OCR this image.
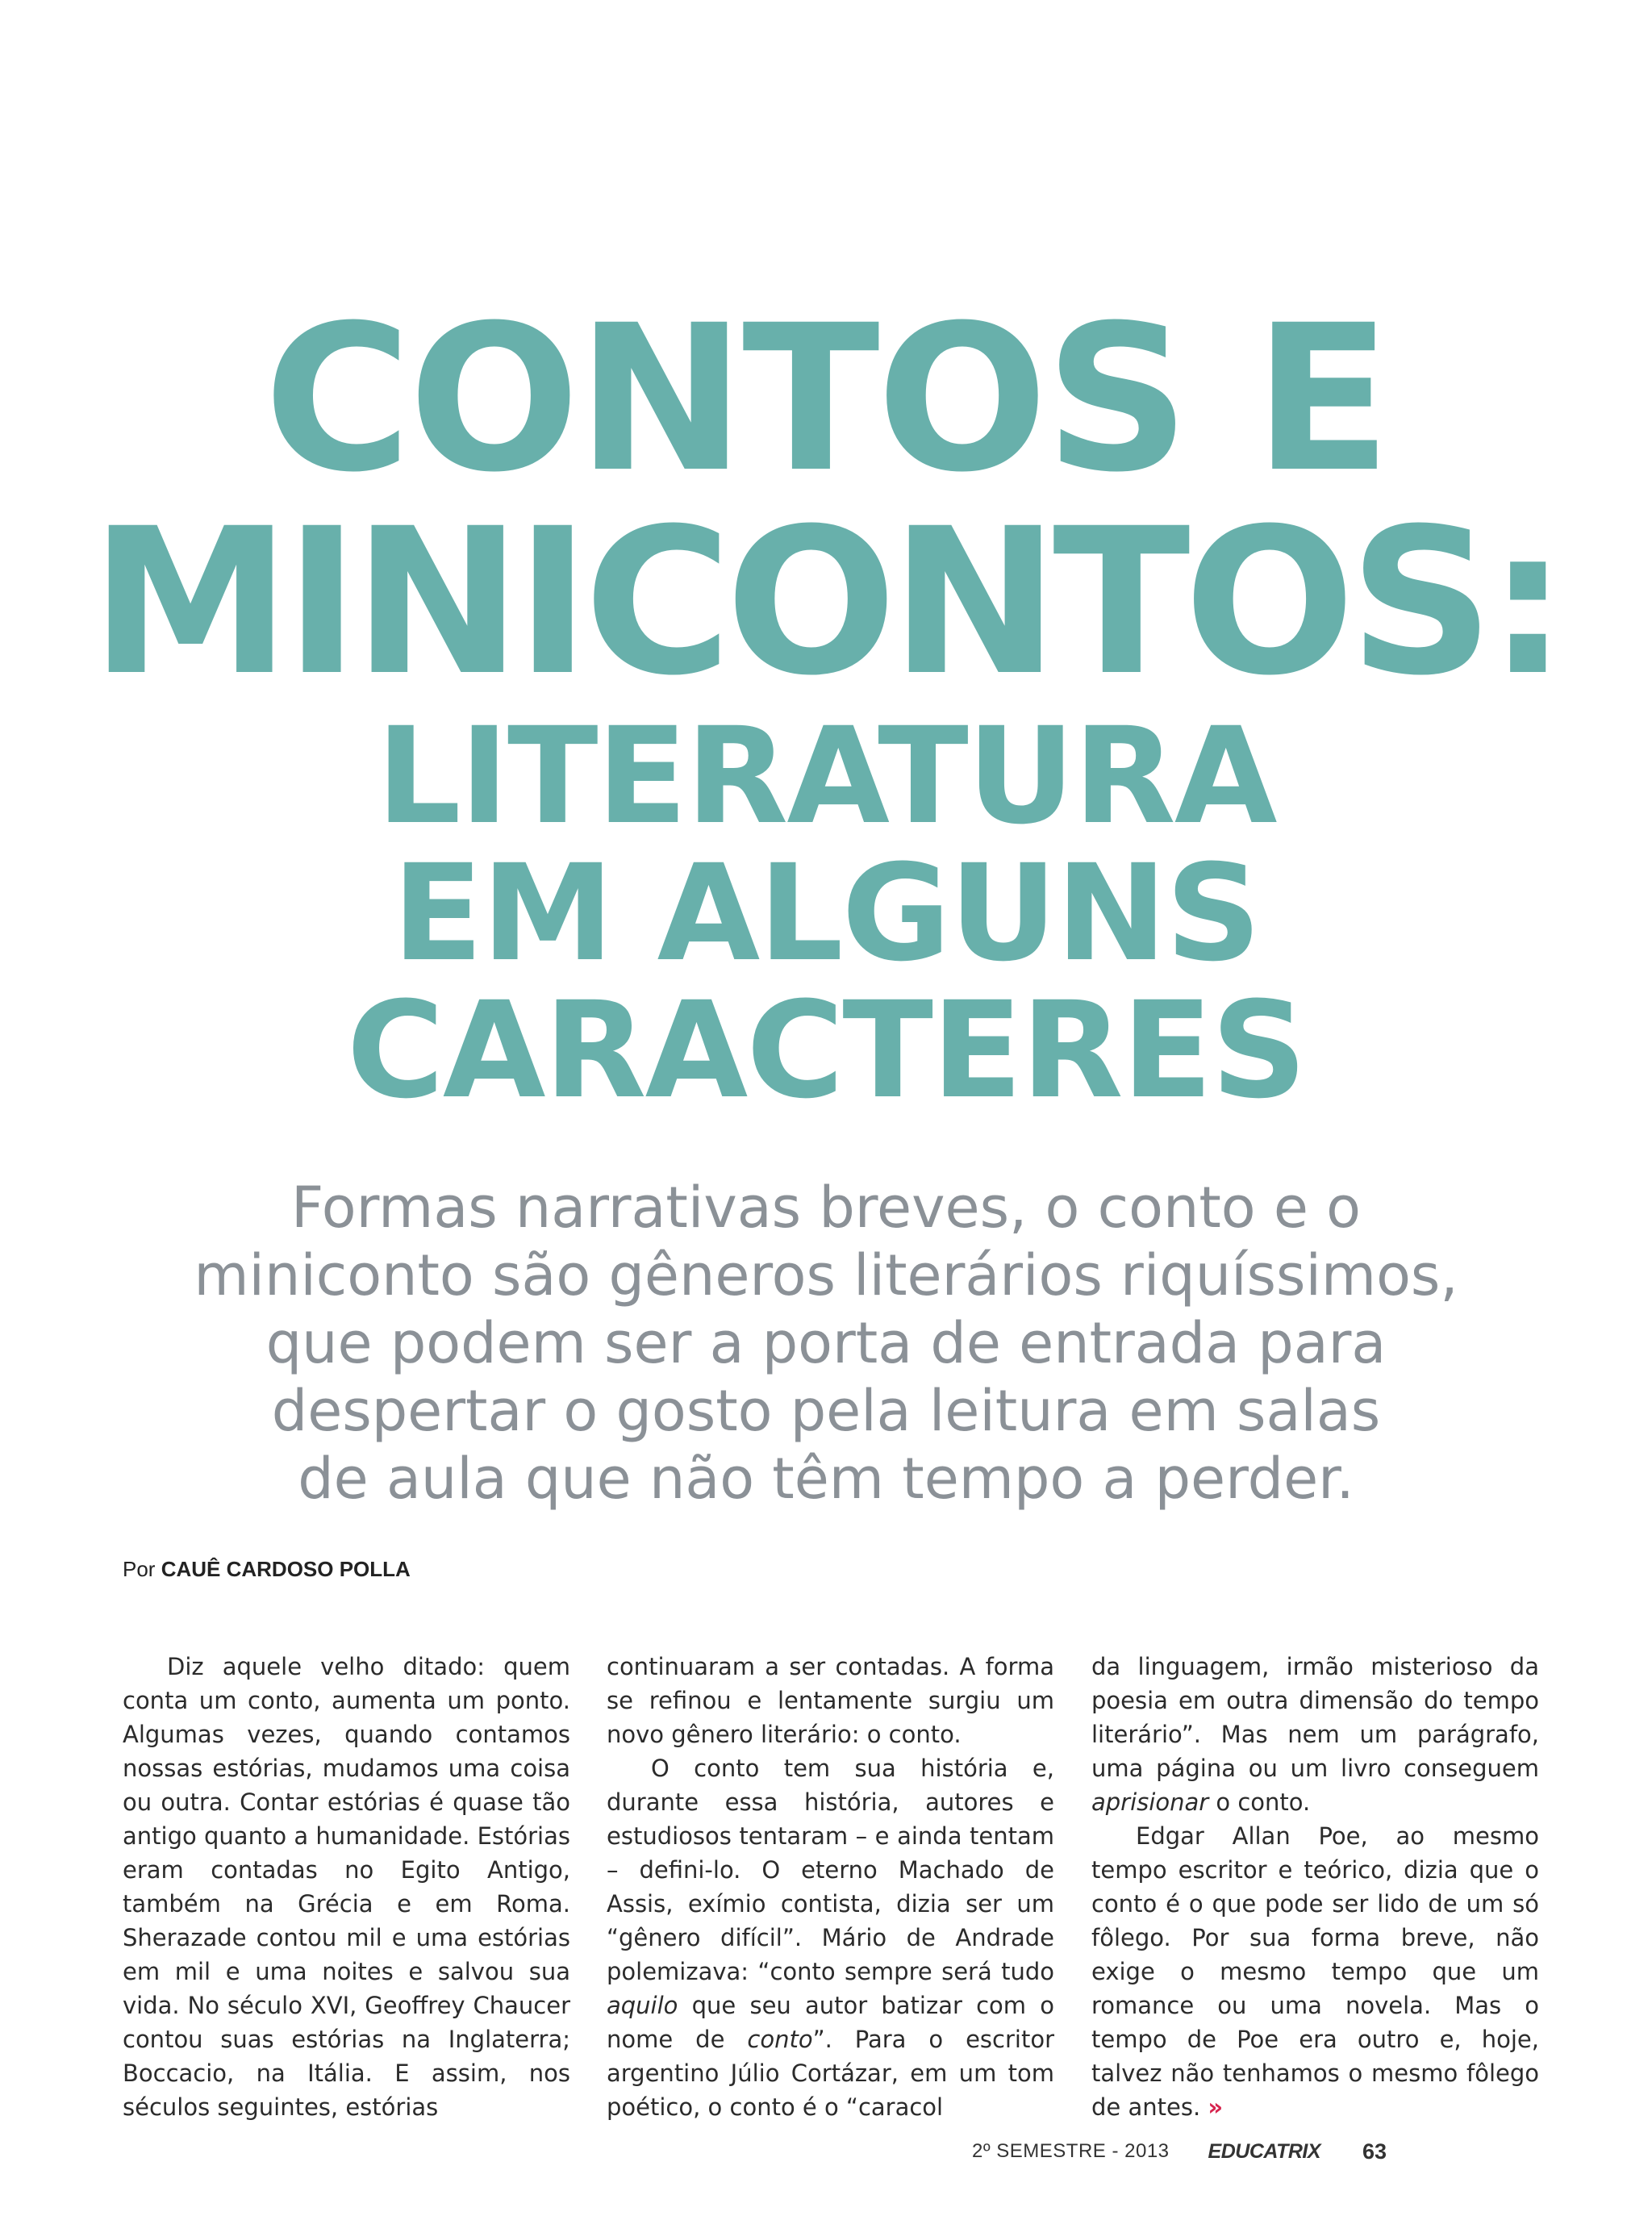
CONTOS E
MINICONTOS:
LITERATURA
EM ALGUNS
CARACTERES
Formas narrativas breves, o conto e o
miniconto são gêneros literários riquíssimos,
que podem ser a porta de entrada para
despertar o gosto pela leitura em salas
de aula que não têm tempo a perder.
Por CAUÊ CARDOSO POLLA

Diz aquele velho ditado: quem conta um conto, aumenta um ponto. Algumas vezes, quando contamos nossas estórias, mudamos uma coisa ou outra. Contar estórias é quase tão antigo quanto a humanidade. Estórias eram contadas no Egito Antigo, também na Grécia e em Roma. Sherazade contou mil e uma estórias em mil e uma noites e salvou sua vida. No século XVI, Geoffrey Chaucer contou suas estórias na Inglaterra; Boccacio, na Itália. E assim, nos séculos seguintes, estórias

continuaram a ser contadas. A forma se refinou e lentamente surgiu um novo gênero literário: o conto.

O conto tem sua história e, durante essa história, autores e estudiosos tentaram – e ainda tentam – defini-lo. O eterno Machado de Assis, exímio contista, dizia ser um “gênero difícil”. Mário de Andrade polemizava: “conto sempre será tudo aquilo que seu autor batizar com o nome de conto”. Para o escritor argentino Júlio Cortázar, em um tom poético, o conto é o “caracol

da linguagem, irmão misterioso da poesia em outra dimensão do tempo literário”. Mas nem um parágrafo, uma página ou um livro conseguem aprisionar o conto.

Edgar Allan Poe, ao mesmo tempo escritor e teórico, dizia que o conto é o que pode ser lido de um só fôlego. Por sua forma breve, não exige o mesmo tempo que um romance ou uma novela. Mas o tempo de Poe era outro e, hoje, talvez não tenhamos o mesmo fôlego de antes. »

2º SEMESTRE - 2013 EDUCATRIX 63
